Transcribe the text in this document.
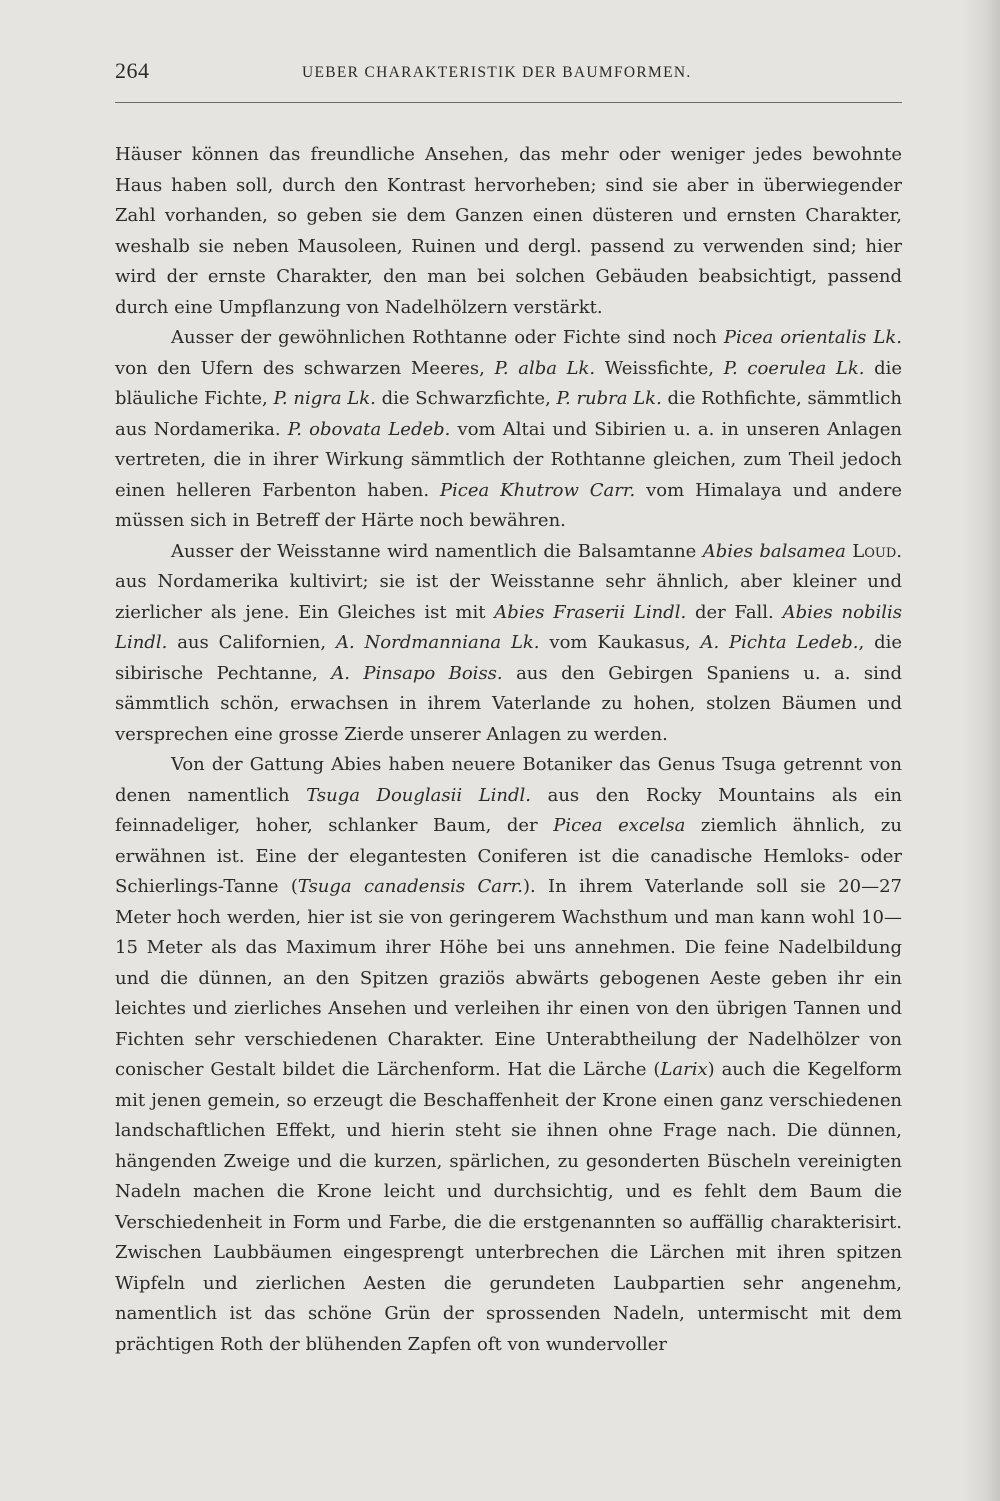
264	UEBER CHARAKTERISTIK DER BAUMFORMEN.

Häuser können das freundliche Ansehen, das mehr oder weniger jedes bewohnte Haus haben soll, durch den Kontrast hervorheben; sind sie aber in überwiegender Zahl vorhanden, so geben sie dem Ganzen einen düsteren und ernsten Charakter, weshalb sie neben Mausoleen, Ruinen und dergl. passend zu verwenden sind; hier wird der ernste Charakter, den man bei solchen Gebäuden beabsichtigt, passend durch eine Umpflanzung von Nadelhölzern verstärkt.

Ausser der gewöhnlichen Rothtanne oder Fichte sind noch Picea orientalis Lk. von den Ufern des schwarzen Meeres, P. alba Lk. Weissfichte, P. coerulea Lk. die bläuliche Fichte, P. nigra Lk. die Schwarzfichte, P. rubra Lk. die Rothfichte, sämmtlich aus Nordamerika. P. obovata Ledeb. vom Altai und Sibirien u. a. in unseren Anlagen vertreten, die in ihrer Wirkung sämmtlich der Rothtanne gleichen, zum Theil jedoch einen helleren Farbenton haben. Picea Khutrow Carr. vom Himalaya und andere müssen sich in Betreff der Härte noch bewähren.

Ausser der Weisstanne wird namentlich die Balsamtanne Abies balsamea Loud. aus Nordamerika kultivirt; sie ist der Weisstanne sehr ähnlich, aber kleiner und zierlicher als jene. Ein Gleiches ist mit Abies Fraserii Lindl. der Fall. Abies nobilis Lindl. aus Californien, A. Nordmanniana Lk. vom Kaukasus, A. Pichta Ledeb., die sibirische Pechtanne, A. Pinsapo Boiss. aus den Gebirgen Spaniens u. a. sind sämmtlich schön, erwachsen in ihrem Vaterlande zu hohen, stolzen Bäumen und versprechen eine grosse Zierde unserer Anlagen zu werden.

Von der Gattung Abies haben neuere Botaniker das Genus Tsuga getrennt von denen namentlich Tsuga Douglasii Lindl. aus den Rocky Mountains als ein feinnadeliger, hoher, schlanker Baum, der Picea excelsa ziemlich ähnlich, zu erwähnen ist. Eine der elegantesten Coniferen ist die canadische Hemloks- oder Schierlings-Tanne (Tsuga canadensis Carr.). In ihrem Vaterlande soll sie 20—27 Meter hoch werden, hier ist sie von geringerem Wachsthum und man kann wohl 10—15 Meter als das Maximum ihrer Höhe bei uns annehmen. Die feine Nadelbildung und die dünnen, an den Spitzen graziös abwärts gebogenen Aeste geben ihr ein leichtes und zierliches Ansehen und verleihen ihr einen von den übrigen Tannen und Fichten sehr verschiedenen Charakter. Eine Unterabtheilung der Nadelhölzer von conischer Gestalt bildet die Lärchenform. Hat die Lärche (Larix) auch die Kegelform mit jenen gemein, so erzeugt die Beschaffenheit der Krone einen ganz verschiedenen landschaftlichen Effekt, und hierin steht sie ihnen ohne Frage nach. Die dünnen, hängenden Zweige und die kurzen, spärlichen, zu gesonderten Büscheln vereinigten Nadeln machen die Krone leicht und durchsichtig, und es fehlt dem Baum die Verschiedenheit in Form und Farbe, die die erstgenannten so auffällig charakterisirt. Zwischen Laubbäumen eingesprengt unterbrechen die Lärchen mit ihren spitzen Wipfeln und zierlichen Aesten die gerundeten Laubpartien sehr angenehm, namentlich ist das schöne Grün der sprossenden Nadeln, untermischt mit dem prächtigen Roth der blühenden Zapfen oft von wundervoller
